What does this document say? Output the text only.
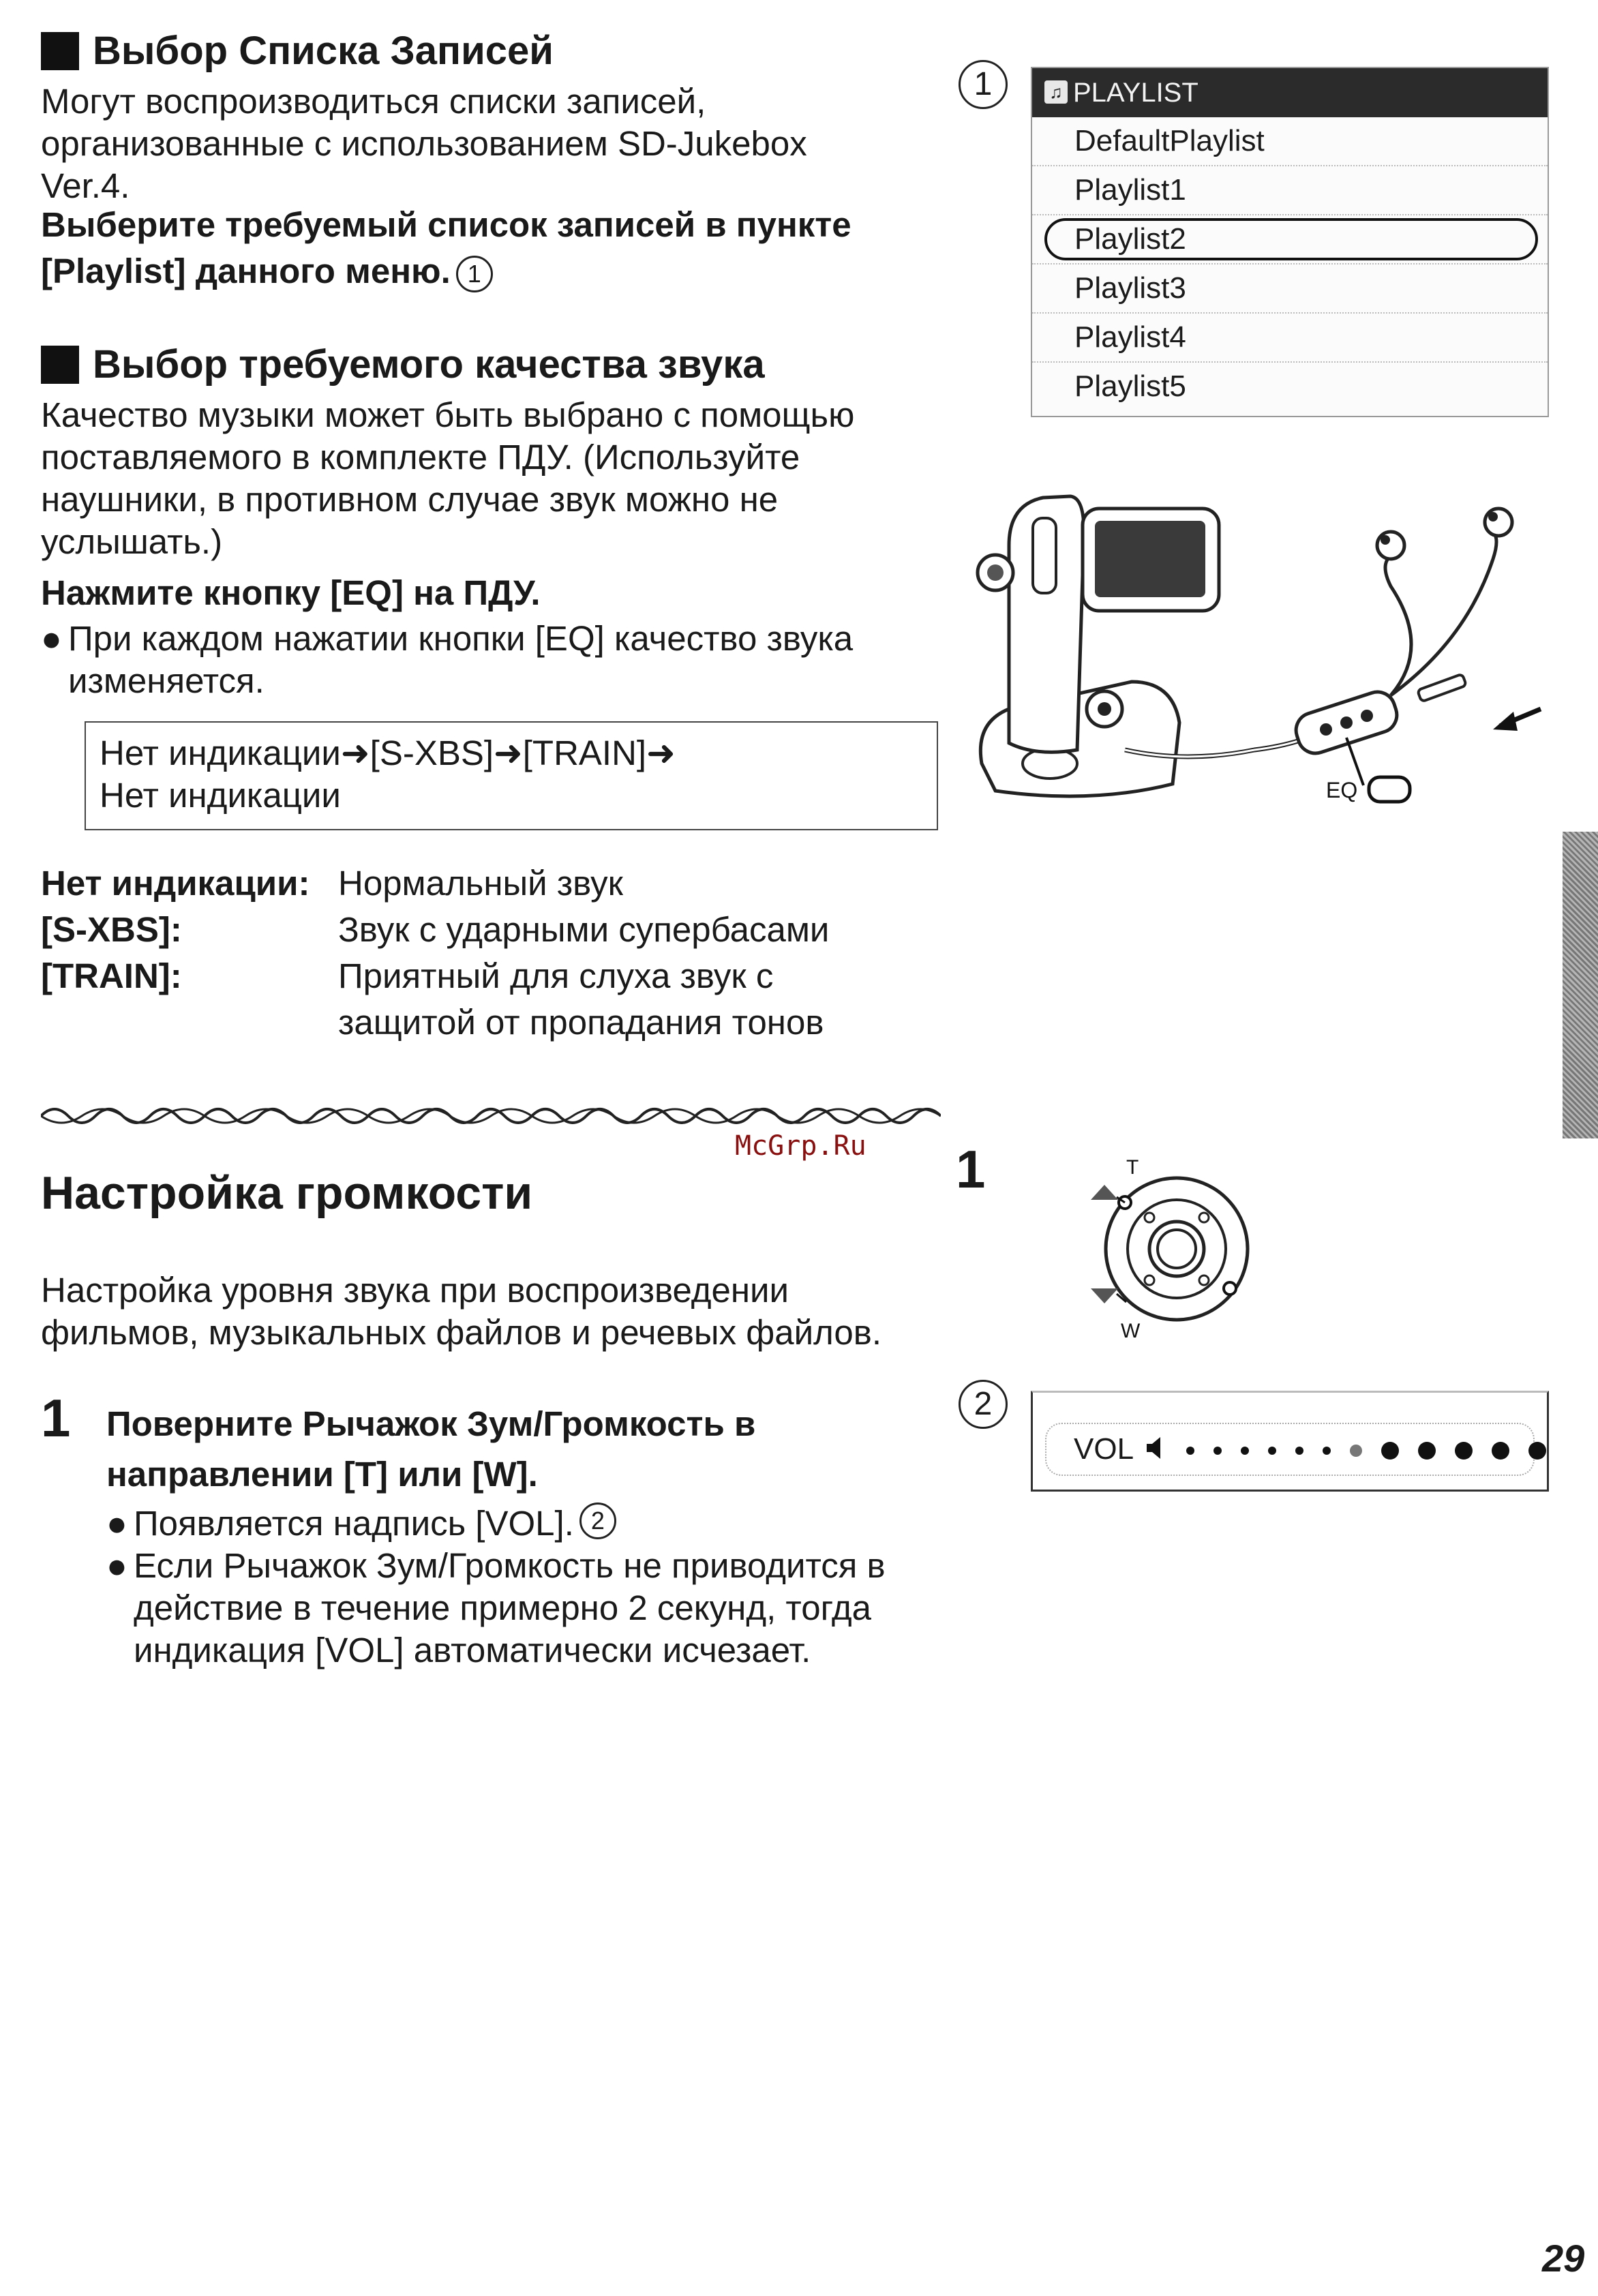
Выбор Списка Записей
Могут воспроизводиться списки записей,
организованные с использованием SD-Jukebox
Ver.4.
Выберите требуемый список записей в пункте
[Playlist] данного меню. 1
Выбор требуемого качества звука
Качество музыки может быть выбрано с помощью
поставляемого в комплекте ПДУ. (Используйте
наушники, в противном случае звук можно не
услышать.)
Нажмите кнопку [EQ] на ПДУ.
● При каждом нажатии кнопки [EQ] качество звука
изменяется.
Нет индикации➜[S-XBS]➜[TRAIN]➜
Нет индикации
Нет индикации: Нормальный звук
[S-XBS]:	Звук с ударными супербасами
[TRAIN]:	Приятный для слуха звук с
защитой от пропадания тонов
McGrp.Ru
Настройка громкости
Настройка уровня звука при воспроизведении
фильмов, музыкальных файлов и речевых файлов.
1 Поверните Рычажок Зум/Громкость в
направлении [T] или [W].
● Появляется надпись [VOL]. 2
● Если Рычажок Зум/Громкость не приводится в
действие в течение примерно 2 секунд, тогда
индикация [VOL] автоматически исчезает.
1	♫ PLAYLIST
DefaultPlaylist
Playlist1
Playlist2
Playlist3
Playlist4
Playlist5
EQ
1	T
W
2
VOL
29
